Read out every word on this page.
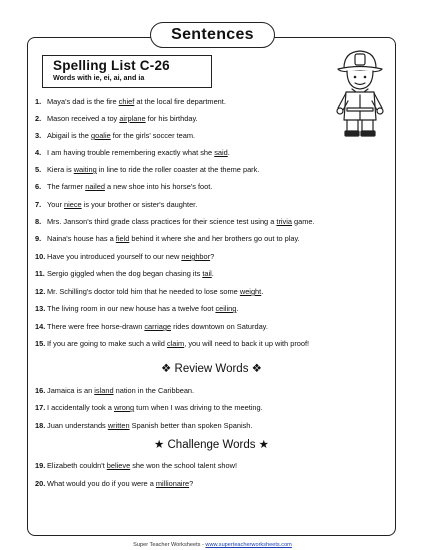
Sentences
Spelling List C-26
Words with ie, ei, ai, and ia
❖ Review Words ❖
★ Challenge Words ★
Super Teacher Worksheets - www.superteacherworksheets.com
1. Maya's dad is the fire chief at the local fire department.
2. Mason received a toy airplane for his birthday.
3. Abigail is the goalie for the girls' soccer team.
4. I am having trouble remembering exactly what she said.
5. Kiera is waiting in line to ride the roller coaster at the theme park.
6. The farmer nailed a new shoe into his horse's foot.
7. Your niece is your brother or sister's daughter.
8. Mrs. Janson's third grade class practices for their science test using a trivia game.
9. Naina's house has a field behind it where she and her brothers go out to play.
10. Have you introduced yourself to our new neighbor?
11. Sergio giggled when the dog began chasing its tail.
12. Mr. Schilling's doctor told him that he needed to lose some weight.
13. The living room in our new house has a twelve foot ceiling.
14. There were free horse-drawn carriage rides downtown on Saturday.
15. If you are going to make such a wild claim, you will need to back it up with proof!
16. Jamaica is an island nation in the Caribbean.
17. I accidentally took a wrong turn when I was driving to the meeting.
18. Juan understands written Spanish better than spoken Spanish.
19. Elizabeth couldn't believe she won the school talent show!
20. What would you do if you were a millionaire?
